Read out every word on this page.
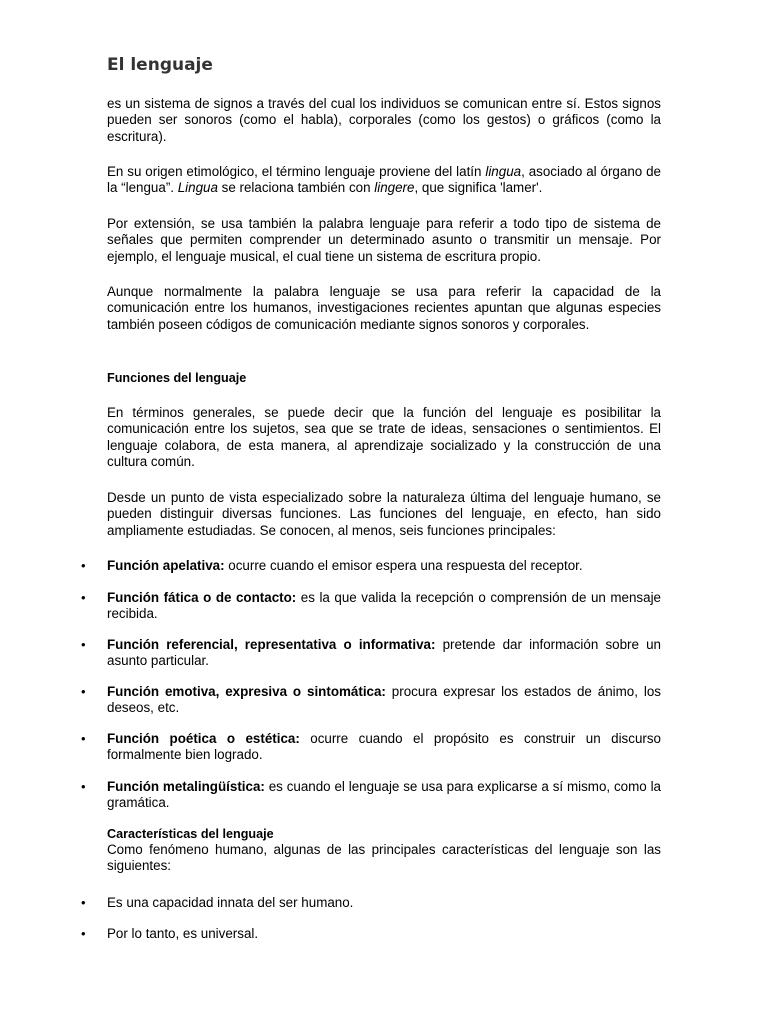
El lenguaje

es un sistema de signos a través del cual los individuos se comunican entre sí. Estos signos pueden ser sonoros (como el habla), corporales (como los gestos) o gráficos (como la escritura).

En su origen etimológico, el término lenguaje proviene del latín lingua, asociado al órgano de la “lengua”. Lingua se relaciona también con lingere, que significa 'lamer'.

Por extensión, se usa también la palabra lenguaje para referir a todo tipo de sistema de señales que permiten comprender un determinado asunto o transmitir un mensaje. Por ejemplo, el lenguaje musical, el cual tiene un sistema de escritura propio.

Aunque normalmente la palabra lenguaje se usa para referir la capacidad de la comunicación entre los humanos, investigaciones recientes apuntan que algunas especies también poseen códigos de comunicación mediante signos sonoros y corporales.

Funciones del lenguaje

En términos generales, se puede decir que la función del lenguaje es posibilitar la comunicación entre los sujetos, sea que se trate de ideas, sensaciones o sentimientos. El lenguaje colabora, de esta manera, al aprendizaje socializado y la construcción de una cultura común.

Desde un punto de vista especializado sobre la naturaleza última del lenguaje humano, se pueden distinguir diversas funciones. Las funciones del lenguaje, en efecto, han sido ampliamente estudiadas. Se conocen, al menos, seis funciones principales:

• Función apelativa: ocurre cuando el emisor espera una respuesta del receptor.

• Función fática o de contacto: es la que valida la recepción o comprensión de un mensaje recibida.

• Función referencial, representativa o informativa: pretende dar información sobre un asunto particular.

• Función emotiva, expresiva o sintomática: procura expresar los estados de ánimo, los deseos, etc.

• Función poética o estética: ocurre cuando el propósito es construir un discurso formalmente bien logrado.

• Función metalingüística: es cuando el lenguaje se usa para explicarse a sí mismo, como la gramática.

Características del lenguaje

Como fenómeno humano, algunas de las principales características del lenguaje son las siguientes:

• Es una capacidad innata del ser humano.

• Por lo tanto, es universal.
